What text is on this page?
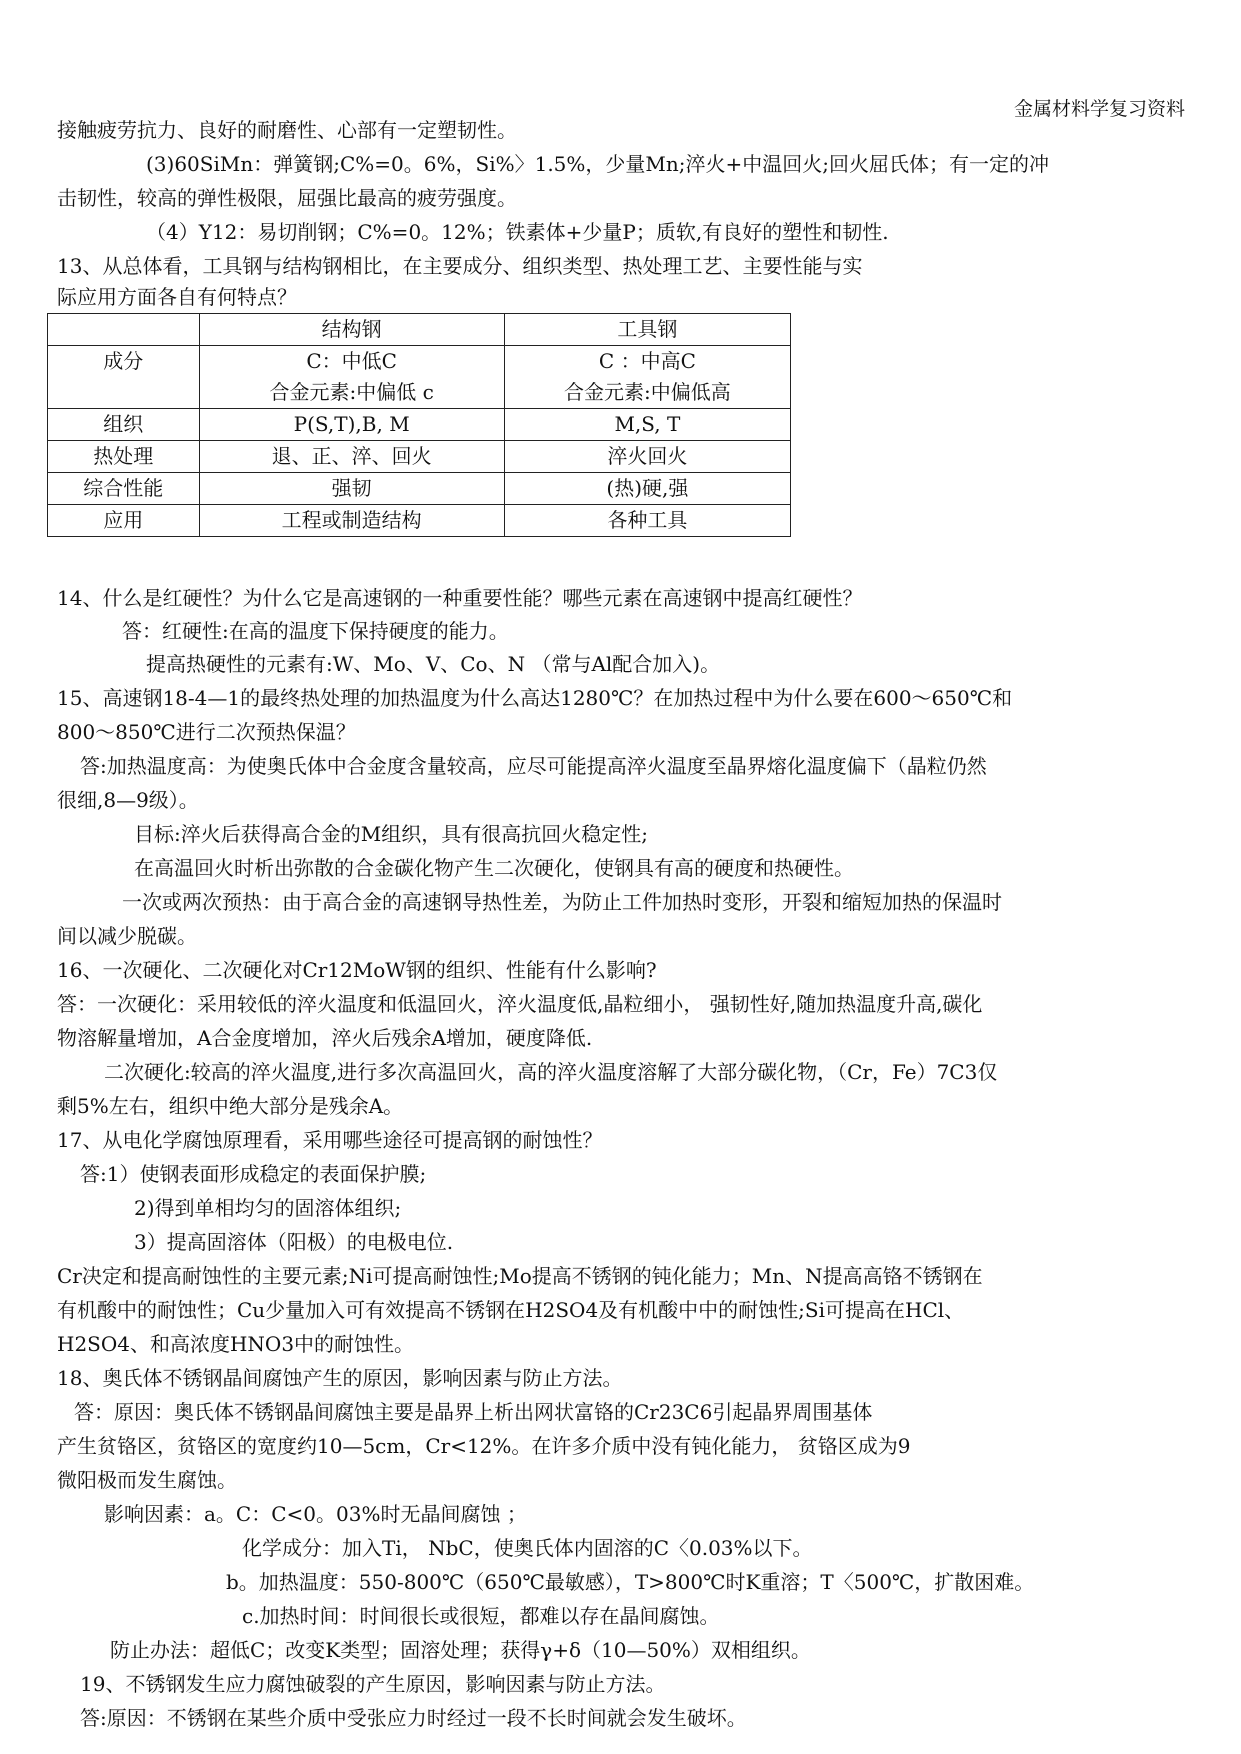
金属材料学复习资料
接触疲劳抗力、良好的耐磨性、心部有一定塑韧性。
(3)60SiMn：弹簧钢;C%=0。6%，Si%〉1.5%，少量Mn;淬火+中温回火;回火屈氏体；有一定的冲
击韧性，较高的弹性极限，屈强比最高的疲劳强度。
（4）Y12：易切削钢；C%=0。12%；铁素体+少量P；质软,有良好的塑性和韧性.
13、从总体看，工具钢与结构钢相比，在主要成分、组织类型、热处理工艺、主要性能与实
际应用方面各自有何特点？
	结构钢	工具钢
成分	C：中低C	C ：中高C
	合金元素:中偏低 c	合金元素:中偏低高
组织	P(S,T),B, M	M,S, T
热处理	退、正、淬、回火	淬火回火
综合性能	强韧	(热)硬,强
应用	工程或制造结构	各种工具
14、什么是红硬性？为什么它是高速钢的一种重要性能？哪些元素在高速钢中提高红硬性？
答：红硬性:在高的温度下保持硬度的能力。
提高热硬性的元素有:W、Mo、V、Co、N （常与Al配合加入)。
15、高速钢18-4—1的最终热处理的加热温度为什么高达1280℃？在加热过程中为什么要在600～650℃和
800～850℃进行二次预热保温？
答:加热温度高：为使奥氏体中合金度含量较高，应尽可能提高淬火温度至晶界熔化温度偏下（晶粒仍然
很细,8—9级）。
目标:淬火后获得高合金的M组织，具有很高抗回火稳定性;
在高温回火时析出弥散的合金碳化物产生二次硬化，使钢具有高的硬度和热硬性。
一次或两次预热：由于高合金的高速钢导热性差，为防止工件加热时变形，开裂和缩短加热的保温时
间以减少脱碳。
16、一次硬化、二次硬化对Cr12MoW钢的组织、性能有什么影响?
答：一次硬化：采用较低的淬火温度和低温回火，淬火温度低,晶粒细小， 强韧性好,随加热温度升高,碳化
物溶解量增加，A合金度增加，淬火后残余A增加，硬度降低.
二次硬化:较高的淬火温度,进行多次高温回火，高的淬火温度溶解了大部分碳化物，（Cr，Fe）7C3仅
剩5%左右，组织中绝大部分是残余A。
17、从电化学腐蚀原理看，采用哪些途径可提高钢的耐蚀性？
答:1）使钢表面形成稳定的表面保护膜;
2)得到单相均匀的固溶体组织;
3）提高固溶体（阳极）的电极电位.
Cr决定和提高耐蚀性的主要元素;Ni可提高耐蚀性;Mo提高不锈钢的钝化能力；Mn、N提高高铬不锈钢在
有机酸中的耐蚀性；Cu少量加入可有效提高不锈钢在H2SO4及有机酸中中的耐蚀性;Si可提高在HCl、
H2SO4、和高浓度HNO3中的耐蚀性。
18、奥氏体不锈钢晶间腐蚀产生的原因，影响因素与防止方法。
答：原因：奥氏体不锈钢晶间腐蚀主要是晶界上析出网状富铬的Cr23C6引起晶界周围基体
产生贫铬区，贫铬区的宽度约10—5cm，Cr<12%。在许多介质中没有钝化能力， 贫铬区成为9
微阳极而发生腐蚀。
影响因素：a。C：C<0。03%时无晶间腐蚀 ；
化学成分：加入Ti， NbC，使奥氏体内固溶的C〈0.03%以下。
b。加热温度：550-800℃（650℃最敏感），T>800℃时K重溶；T〈500℃，扩散困难。
c.加热时间：时间很长或很短，都难以存在晶间腐蚀。
防止办法：超低C；改变K类型；固溶处理；获得γ+δ（10—50%）双相组织。
19、不锈钢发生应力腐蚀破裂的产生原因，影响因素与防止方法。
答:原因：不锈钢在某些介质中受张应力时经过一段不长时间就会发生破坏。
